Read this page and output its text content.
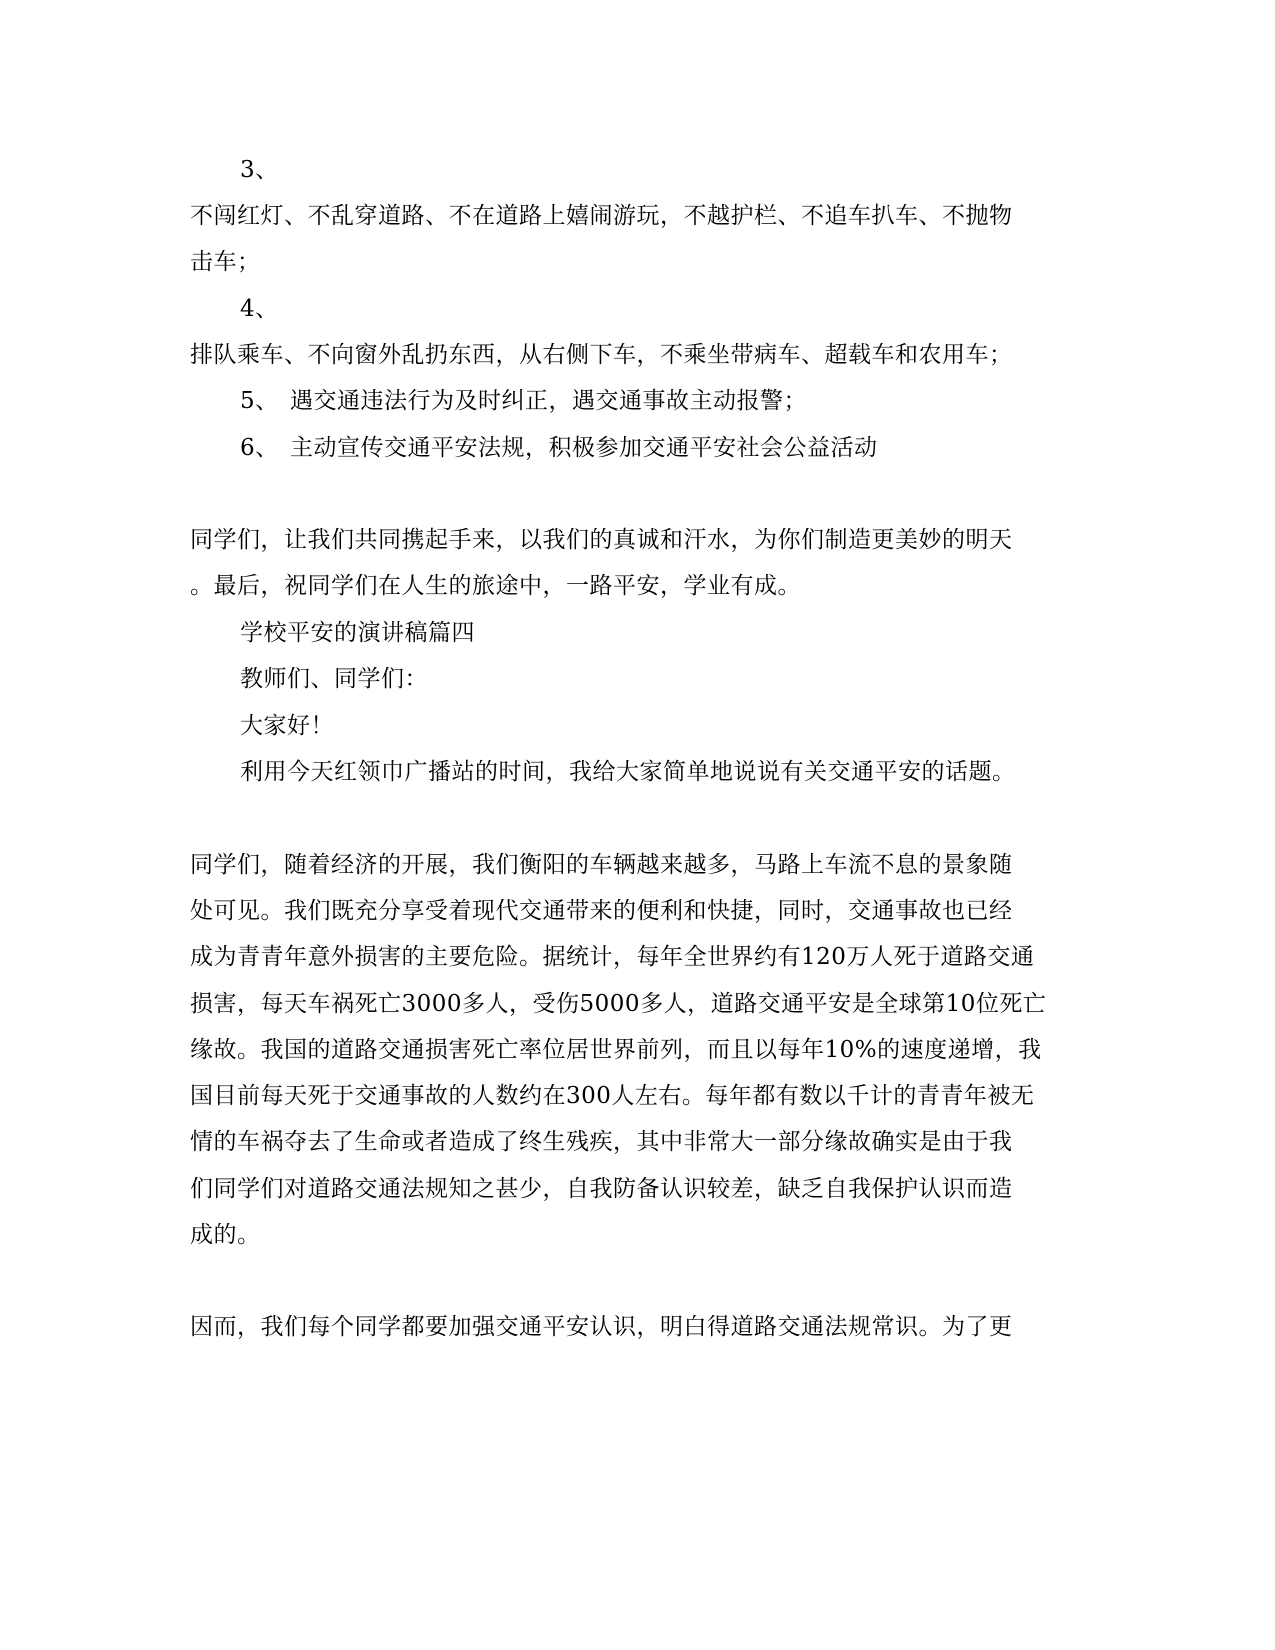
3、
不闯红灯、不乱穿道路、不在道路上嬉闹游玩，不越护栏、不追车扒车、不抛物
击车；
4、
排队乘车、不向窗外乱扔东西，从右侧下车，不乘坐带病车、超载车和农用车；
5、 遇交通违法行为及时纠正，遇交通事故主动报警；
6、 主动宣传交通平安法规，积极参加交通平安社会公益活动
同学们，让我们共同携起手来，以我们的真诚和汗水，为你们制造更美妙的明天
。最后，祝同学们在人生的旅途中，一路平安，学业有成。
学校平安的演讲稿篇四
教师们、同学们：
大家好！
利用今天红领巾广播站的时间，我给大家简单地说说有关交通平安的话题。
同学们，随着经济的开展，我们衡阳的车辆越来越多，马路上车流不息的景象随
处可见。我们既充分享受着现代交通带来的便利和快捷，同时，交通事故也已经
成为青青年意外损害的主要危险。据统计，每年全世界约有120万人死于道路交通
损害，每天车祸死亡3000多人，受伤5000多人，道路交通平安是全球第10位死亡
缘故。我国的道路交通损害死亡率位居世界前列，而且以每年10%的速度递增，我
国目前每天死于交通事故的人数约在300人左右。每年都有数以千计的青青年被无
情的车祸夺去了生命或者造成了终生残疾，其中非常大一部分缘故确实是由于我
们同学们对道路交通法规知之甚少，自我防备认识较差，缺乏自我保护认识而造
成的。
因而，我们每个同学都要加强交通平安认识，明白得道路交通法规常识。为了更
